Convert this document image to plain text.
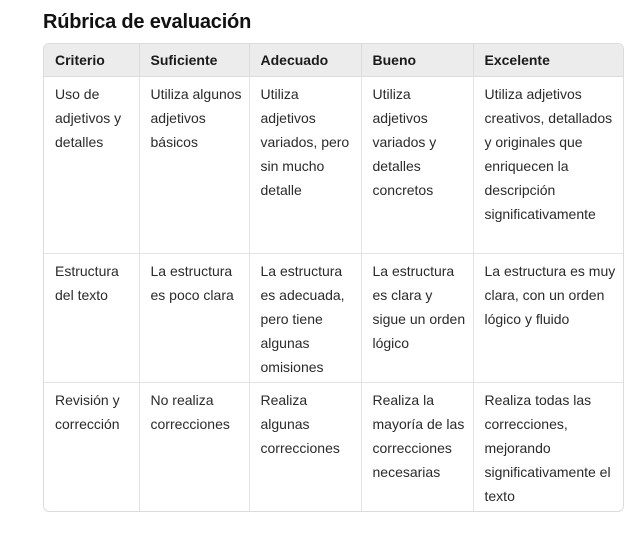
Rúbrica de evaluación
Criterio	Suficiente	Adecuado	Bueno	Excelente
Uso de adjetivos y detalles	Utiliza algunos adjetivos básicos	Utiliza adjetivos variados, pero sin mucho detalle	Utiliza adjetivos variados y detalles concretos	Utiliza adjetivos creativos, detallados y originales que enriquecen la descripción significativamente
Estructura del texto	La estructura es poco clara	La estructura es adecuada, pero tiene algunas omisiones	La estructura es clara y sigue un orden lógico	La estructura es muy clara, con un orden lógico y fluido
Revisión y corrección	No realiza correcciones	Realiza algunas correcciones	Realiza la mayoría de las correcciones necesarias	Realiza todas las correcciones, mejorando significativamente el texto
